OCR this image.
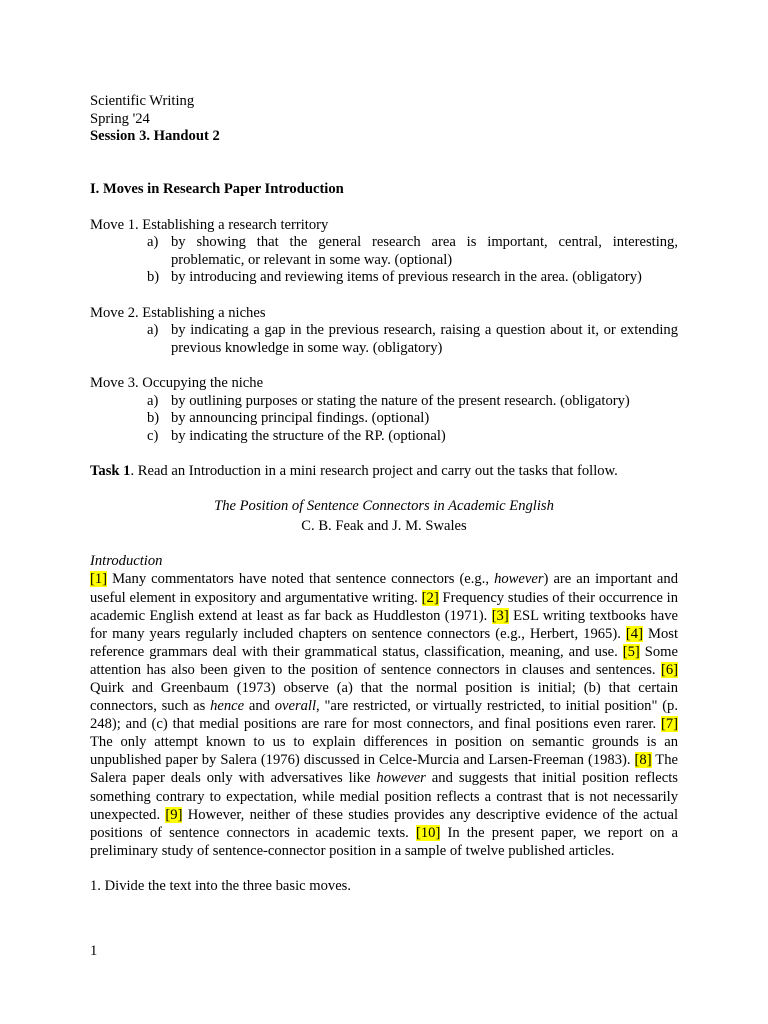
Scientific Writing
Spring '24
Session 3. Handout 2
I. Moves in Research Paper Introduction
Move 1. Establishing a research territory
a) by showing that the general research area is important, central, interesting, problematic, or relevant in some way. (optional)
b) by introducing and reviewing items of previous research in the area. (obligatory)
Move 2. Establishing a niches
a) by indicating a gap in the previous research, raising a question about it, or extending previous knowledge in some way. (obligatory)
Move 3. Occupying the niche
a) by outlining purposes or stating the nature of the present research. (obligatory)
b) by announcing principal findings. (optional)
c) by indicating the structure of the RP. (optional)
Task 1. Read an Introduction in a mini research project and carry out the tasks that follow.
The Position of Sentence Connectors in Academic English
C. B. Feak and J. M. Swales
Introduction
[1] Many commentators have noted that sentence connectors (e.g., however) are an important and useful element in expository and argumentative writing. [2] Frequency studies of their occurrence in academic English extend at least as far back as Huddleston (1971). [3] ESL writing textbooks have for many years regularly included chapters on sentence connectors (e.g., Herbert, 1965). [4] Most reference grammars deal with their grammatical status, classification, meaning, and use. [5] Some attention has also been given to the position of sentence connectors in clauses and sentences. [6] Quirk and Greenbaum (1973) observe (a) that the normal position is initial; (b) that certain connectors, such as hence and overall, "are restricted, or virtually restricted, to initial position" (p. 248); and (c) that medial positions are rare for most connectors, and final positions even rarer. [7] The only attempt known to us to explain differences in position on semantic grounds is an unpublished paper by Salera (1976) discussed in Celce-Murcia and Larsen-Freeman (1983). [8] The Salera paper deals only with adversatives like however and suggests that initial position reflects something contrary to expectation, while medial position reflects a contrast that is not necessarily unexpected. [9] However, neither of these studies provides any descriptive evidence of the actual positions of sentence connectors in academic texts. [10] In the present paper, we report on a preliminary study of sentence-connector position in a sample of twelve published articles.
1. Divide the text into the three basic moves.
1
